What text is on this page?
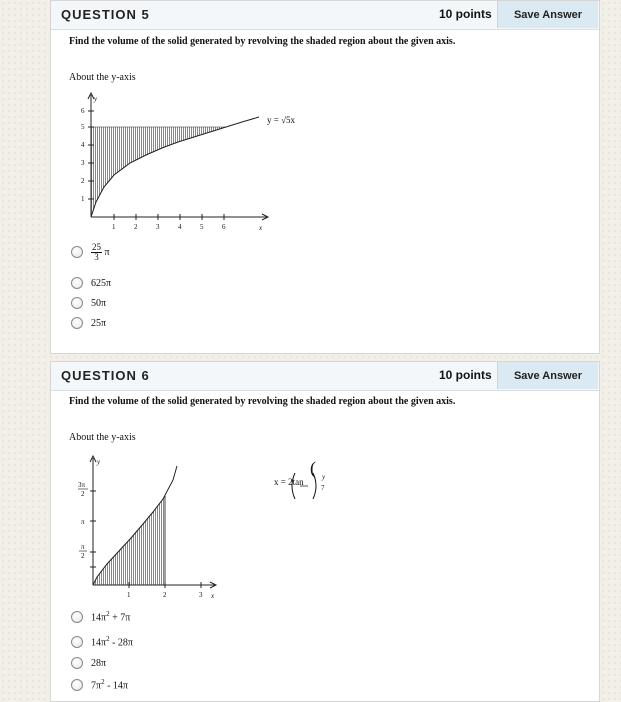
QUESTION 5	10 points	Save Answer
Find the volume of the solid generated by revolving the shaded region about the given axis.
About the y-axis
y
6
5
4
3
2
1
1	2	3	4	5	6	x
y = √5x
$\frac{25}{3}$ π
625π
50π
25π
QUESTION 6	10 points	Save Answer
Find the volume of the solid generated by revolving the shaded region about the given axis.
About the y-axis
y
3π
2
π
π
2
1	2	3 x
x = 2tan
( y
7
$14\pi^2 + 7\pi$
$14\pi^2 - 28\pi$
28π
$7\pi^2 - 14\pi$
